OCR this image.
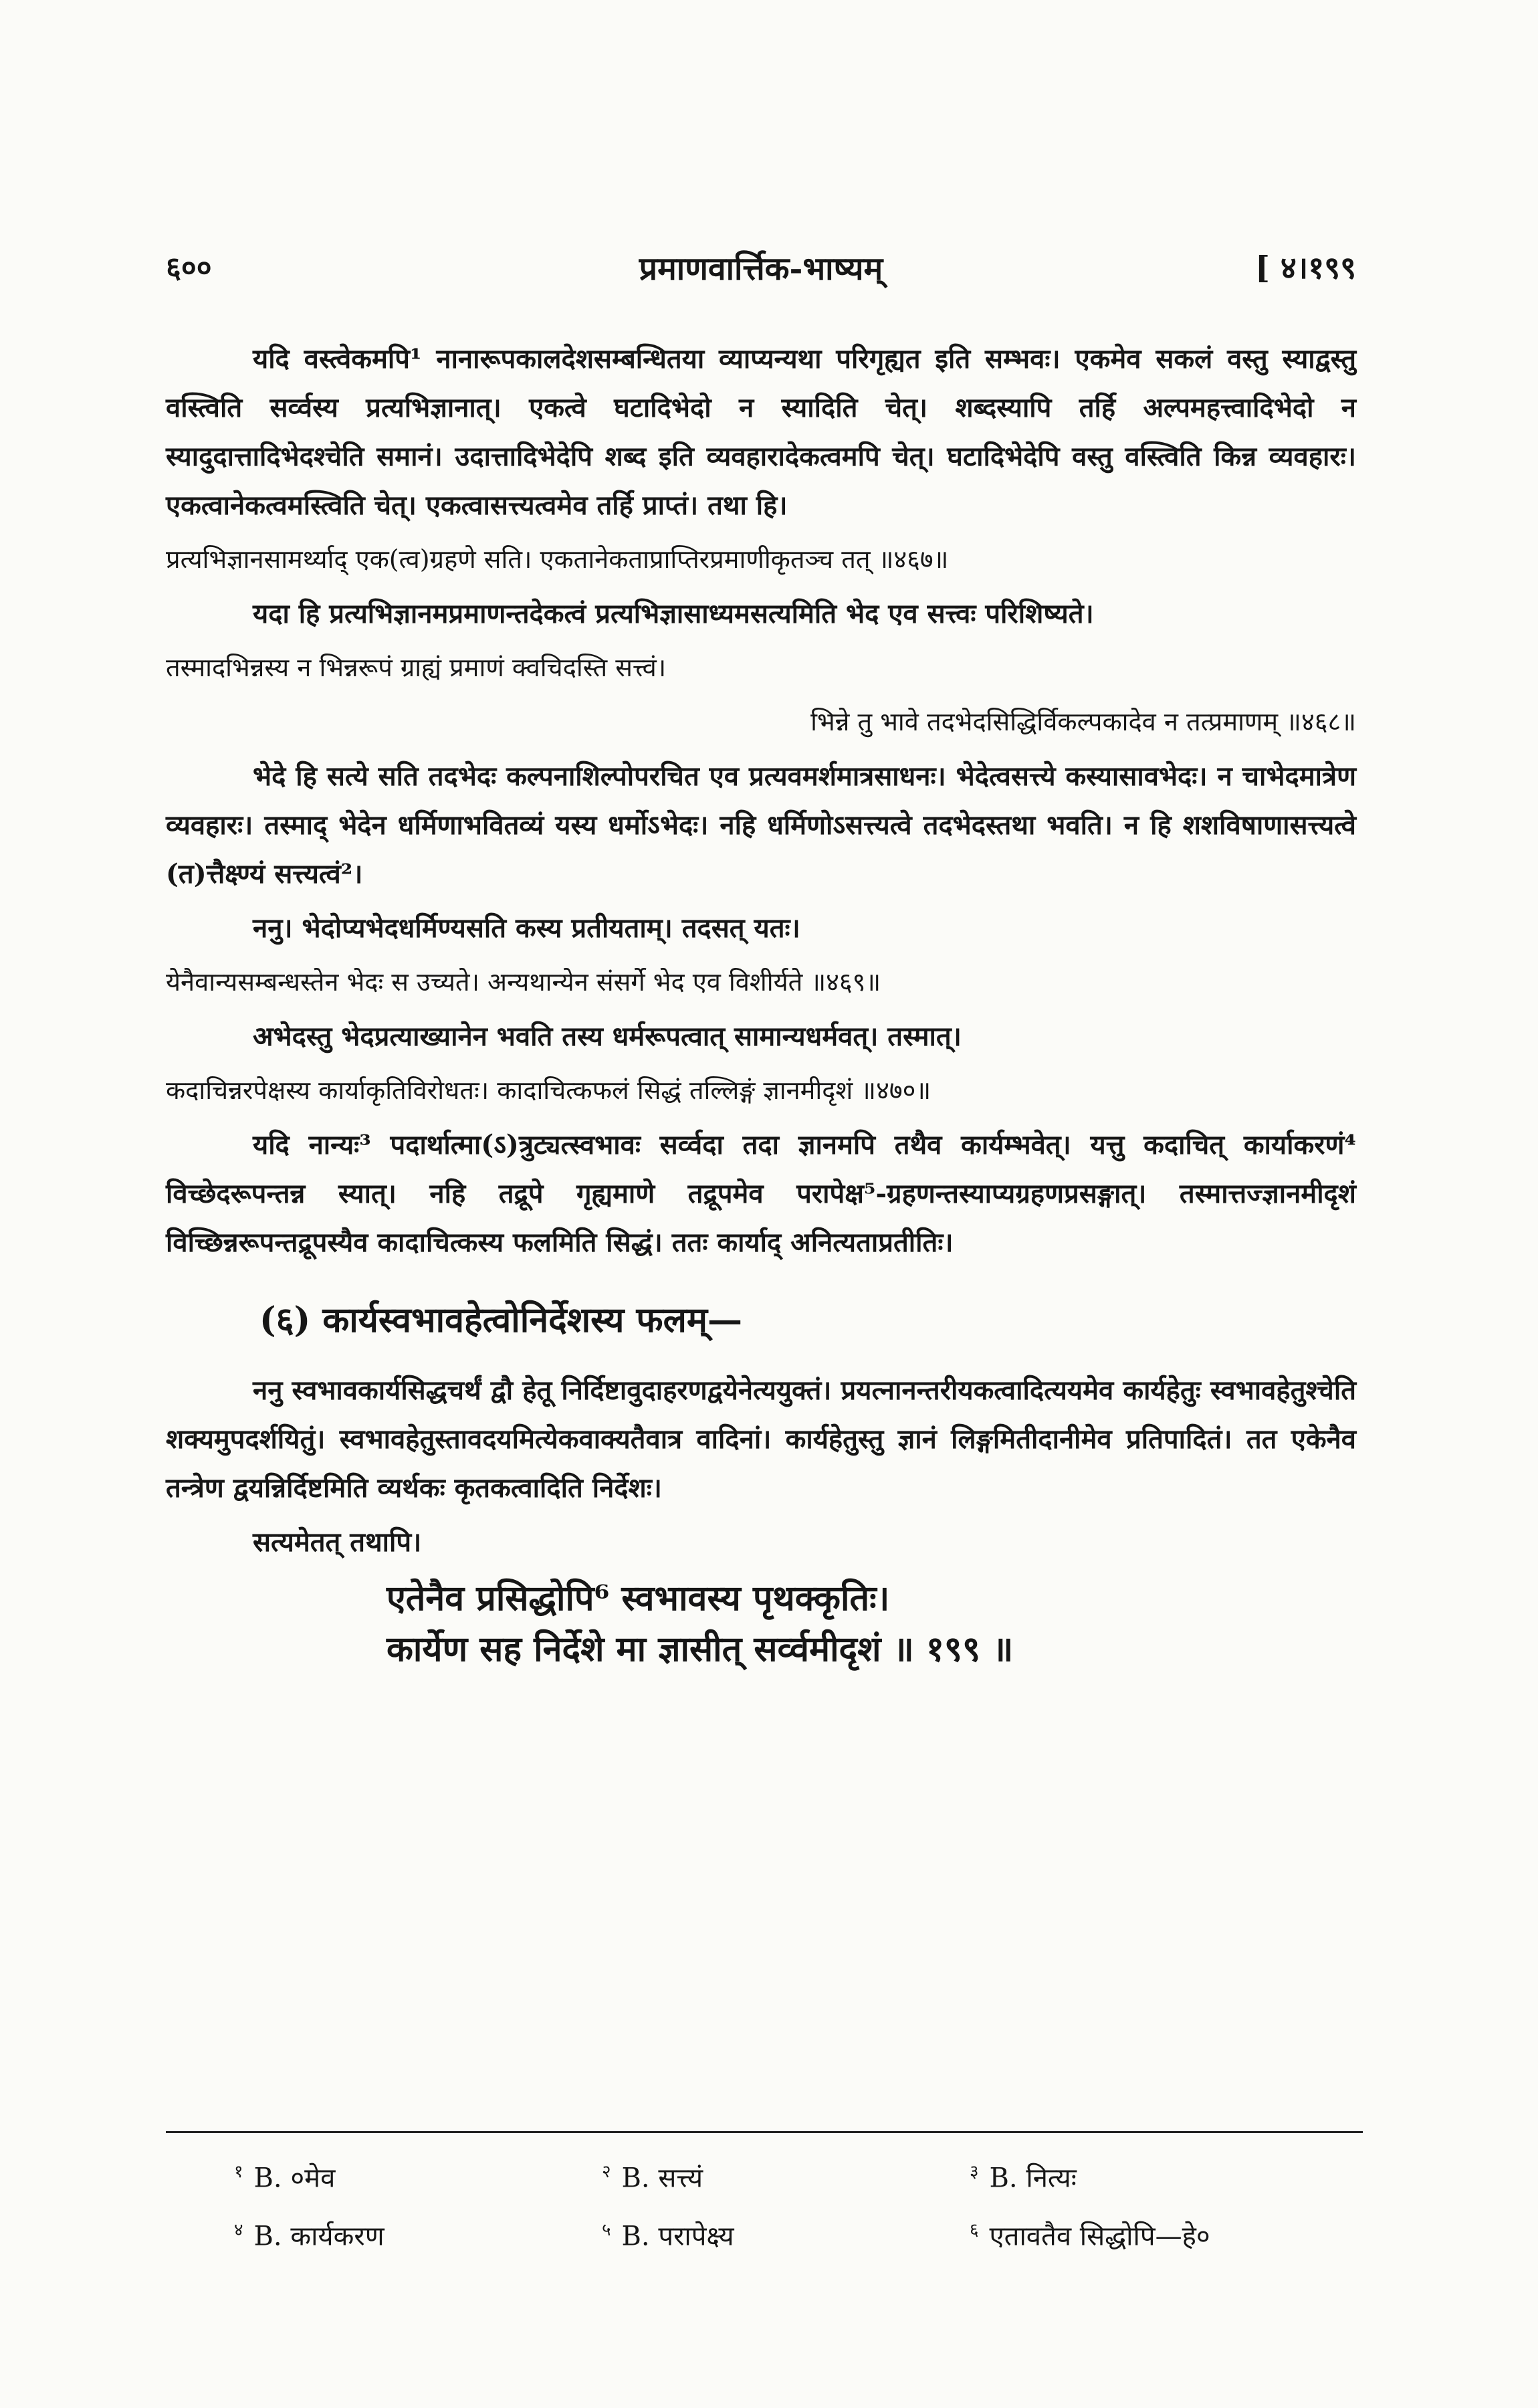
६००	प्रमाणवार्त्तिक-भाष्यम्	[ ४।१९९

यदि वस्त्वेकमपि¹ नानारूपकालदेशसम्बन्धितया व्याप्यन्यथा परिगृह्यत इति सम्भवः। एकमेव सकलं वस्तु स्याद्वस्तु वस्त्विति सर्व्वस्य प्रत्यभिज्ञानात्। एकत्वे घटादिभेदो न स्यादिति चेत्। शब्दस्यापि तर्हि अल्पमहत्त्वादिभेदो न स्यादुदात्तादिभेदश्चेति समानं। उदात्तादिभेदेपि शब्द इति व्यवहारादेकत्वमपि चेत्। घटादिभेदेपि वस्तु वस्त्विति किन्न व्यवहारः। एकत्वानेकत्वमस्त्विति चेत्। एकत्वासत्त्यत्वमेव तर्हि प्राप्तं। तथा हि।

प्रत्यभिज्ञानसामर्थ्याद् एक(त्व)ग्रहणे सति। एकतानेकताप्राप्तिरप्रमाणीकृतञ्च तत् ॥४६७॥

यदा हि प्रत्यभिज्ञानमप्रमाणन्तदेकत्वं प्रत्यभिज्ञासाध्यमसत्यमिति भेद एव सत्त्वः परिशिष्यते।

तस्मादभिन्नस्य न भिन्नरूपं ग्राह्यं प्रमाणं क्वचिदस्ति सत्त्वं।

भिन्ने तु भावे तदभेदसिद्धिर्विकल्पकादेव न तत्प्रमाणम् ॥४६८॥

भेदे हि सत्ये सति तदभेदः कल्पनाशिल्पोपरचित एव प्रत्यवमर्शमात्रसाधनः। भेदेत्वसत्त्ये कस्यासावभेदः। न चाभेदमात्रेण व्यवहारः। तस्माद् भेदेन धर्मिणाभवितव्यं यस्य धर्मोऽभेदः। नहि धर्मिणोऽसत्त्यत्वे तदभेदस्तथा भवति। न हि शशविषाणासत्त्यत्वे (त)त्तैक्ष्ण्यं सत्त्यत्वं²।

ननु। भेदोप्यभेदधर्मिण्यसति कस्य प्रतीयताम्। तदसत् यतः।

येनैवान्यसम्बन्धस्तेन भेदः स उच्यते। अन्यथान्येन संसर्गे भेद एव विशीर्यते ॥४६९॥

अभेदस्तु भेदप्रत्याख्यानेन भवति तस्य धर्मरूपत्वात् सामान्यधर्मवत्। तस्मात्।

कदाचिन्नरपेक्षस्य कार्याकृतिविरोधतः। कादाचित्कफलं सिद्धं तल्लिङ्गं ज्ञानमीदृशं ॥४७०॥

यदि नान्यः³ पदार्थात्मा(ऽ)त्रुट्यत्स्वभावः सर्व्वदा तदा ज्ञानमपि तथैव कार्यम्भवेत्। यत्तु कदाचित् कार्याकरणं⁴ विच्छेदरूपन्तन्न स्यात्। नहि तद्रूपे गृह्यमाणे तद्रूपमेव परापेक्ष⁵-ग्रहणन्तस्याप्यग्रहणप्रसङ्गात्। तस्मात्तज्ज्ञानमीदृशं विच्छिन्नरूपन्तद्रूपस्यैव कादाचित्कस्य फलमिति सिद्धं। ततः कार्याद् अनित्यताप्रतीतिः।

(६) कार्यस्वभावहेत्वोनिर्देशस्य फलम्—

ननु स्वभावकार्यसिद्धचर्थं द्वौ हेतू निर्दिष्टावुदाहरणद्वयेनेत्ययुक्तं। प्रयत्नानन्तरीयकत्वादित्ययमेव कार्यहेतुः स्वभावहेतुश्चेति शक्यमुपदर्शयितुं। स्वभावहेतुस्तावदयमित्येकवाक्यतैवात्र वादिनां। कार्यहेतुस्तु ज्ञानं लिङ्गमितीदानीमेव प्रतिपादितं। तत एकेनैव तन्त्रेण द्वयन्निर्दिष्टमिति व्यर्थकः कृतकत्वादिति निर्देशः।

सत्यमेतत् तथापि।

एतेनैव प्रसिद्धोपि⁶ स्वभावस्य पृथक्कृतिः।
कार्येण सह निर्देशे मा ज्ञासीत् सर्व्वमीदृशं ॥ १९९ ॥
$^१$ B. ०मेव	$^२$ B. सत्त्यं	$^३$ B. नित्यः
$^४$ B. कार्यकरण	$^५$ B. परापेक्ष्य	$^६$ एतावतैव सिद्धोपि—हे०
